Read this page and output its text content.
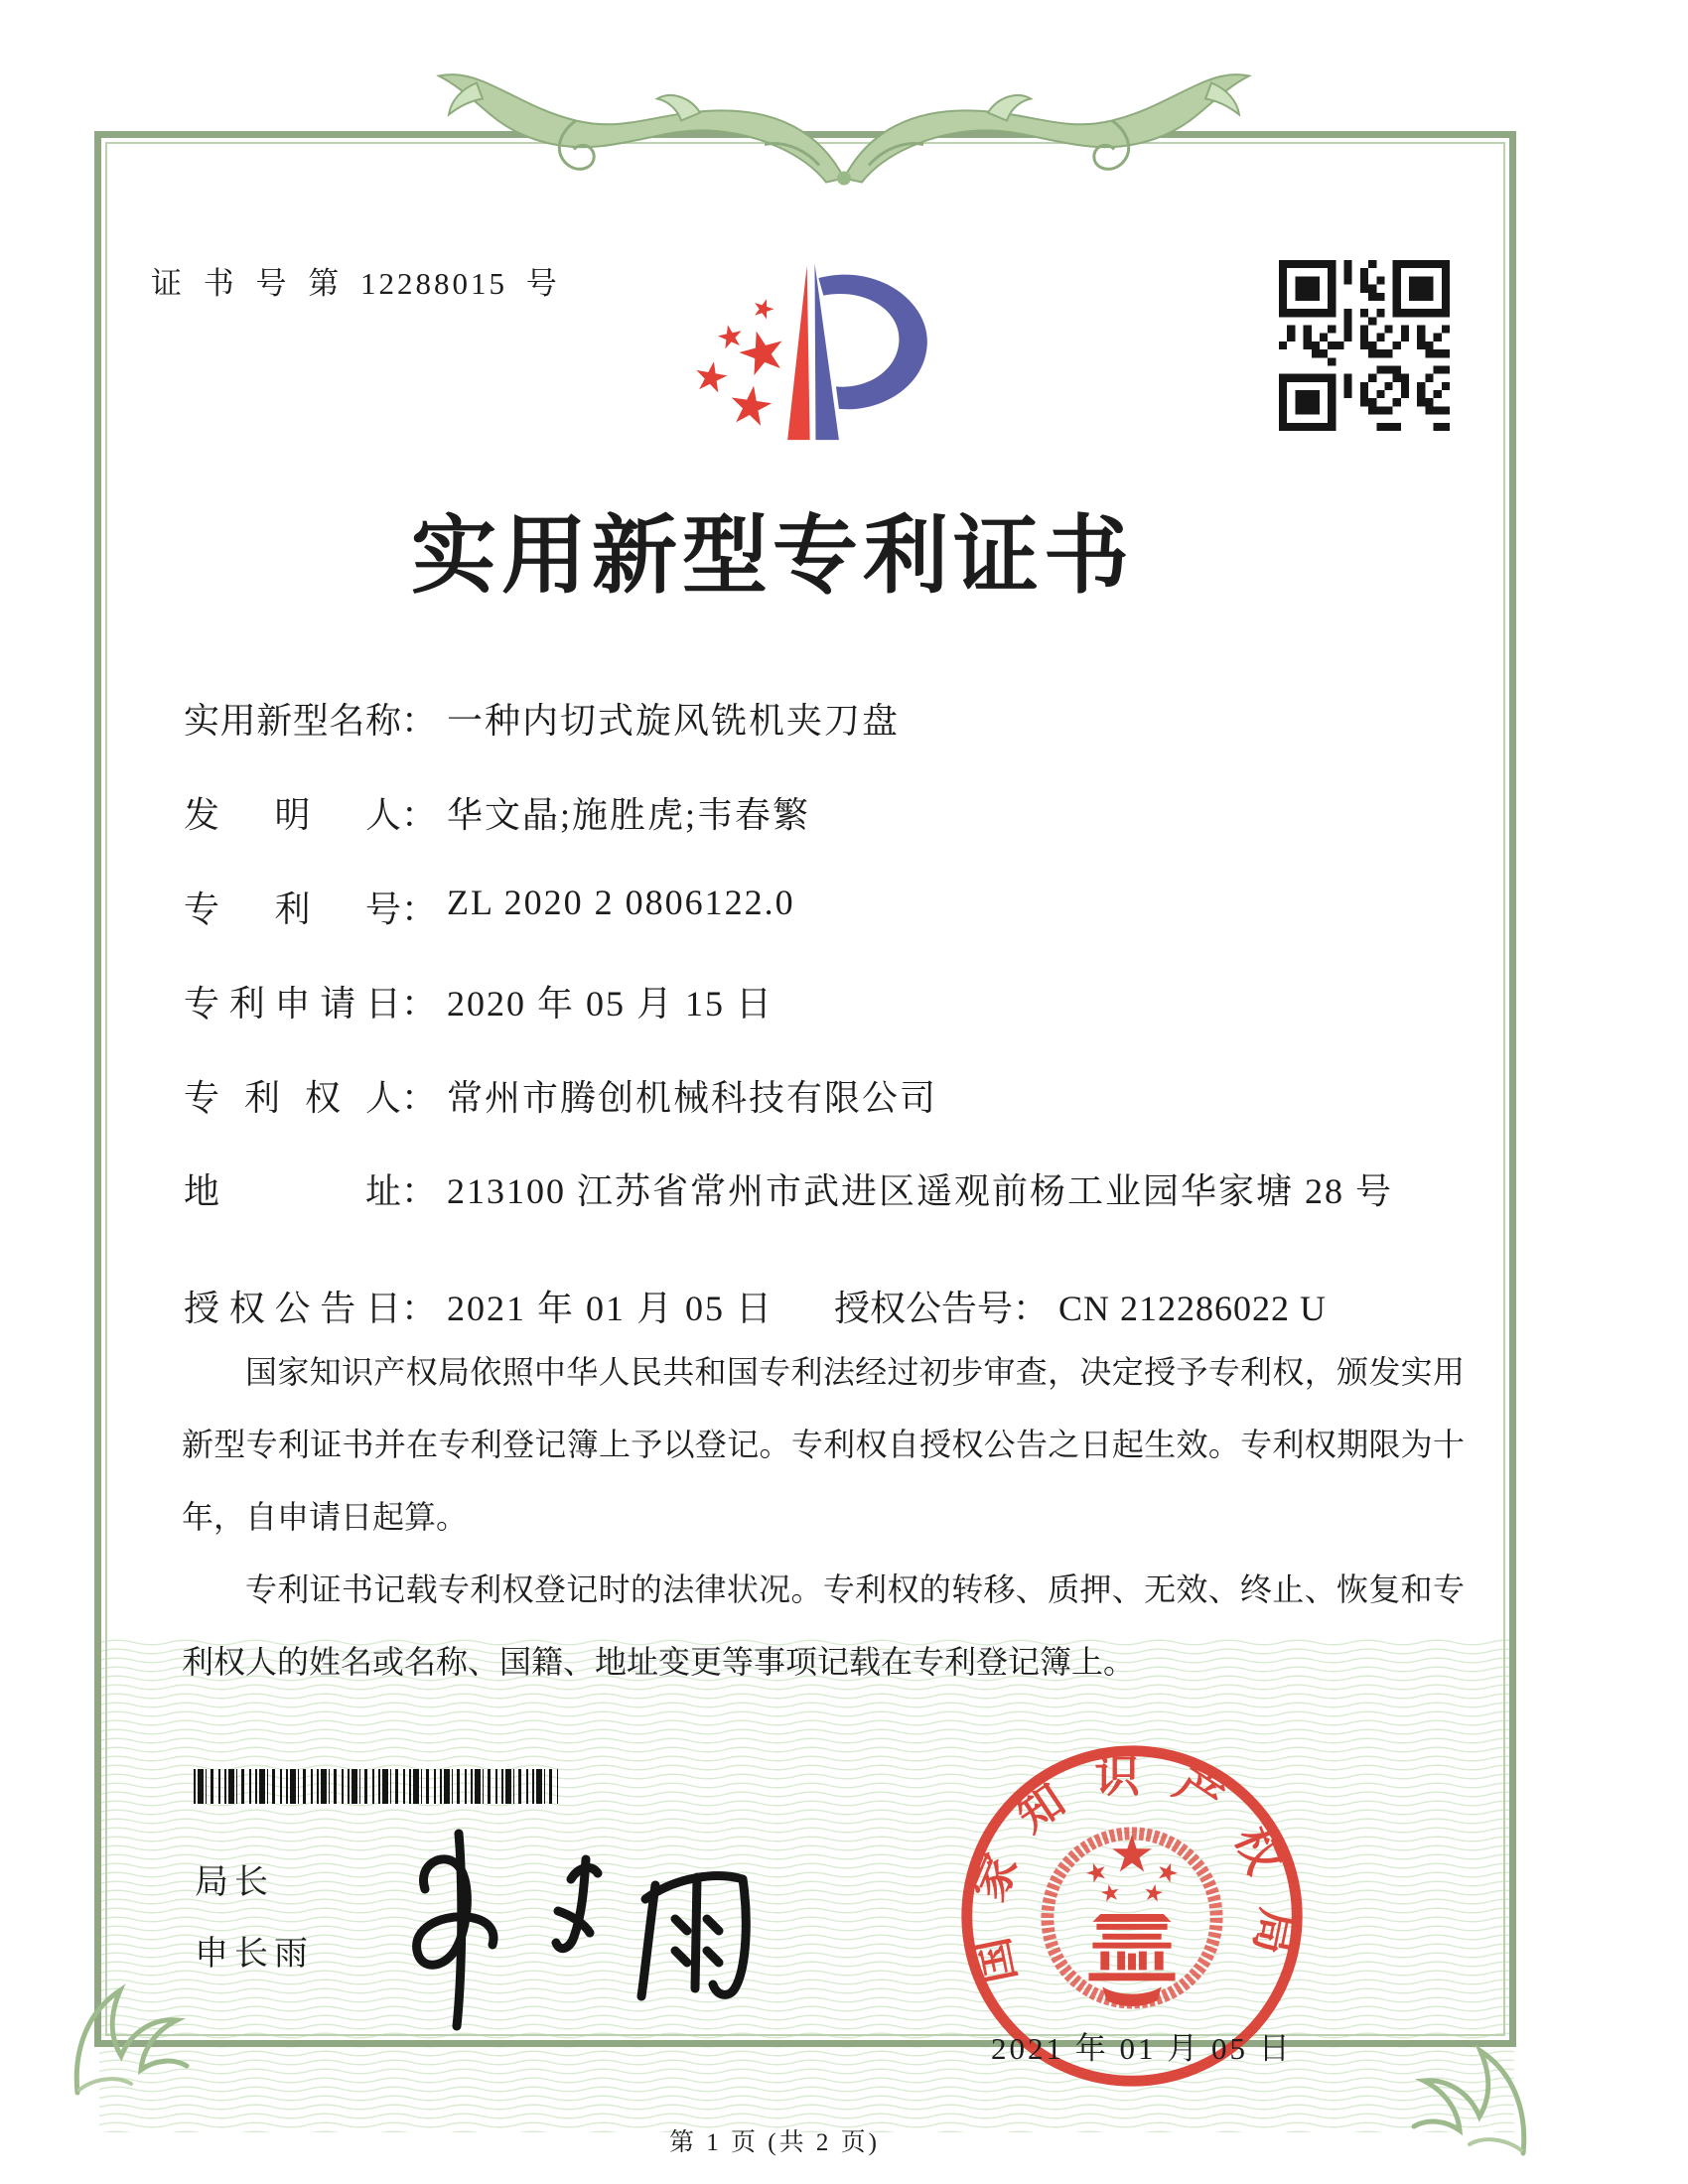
证 书 号 第 12288015 号
实用新型专利证书
实用新型名称： 一种内切式旋风铣机夹刀盘
发明人： 华文晶;施胜虎;韦春繁
专利号： ZL 2020 2 0806122.0
专利申请日： 2020 年 05 月 15 日
专利权人： 常州市腾创机械科技有限公司
地址： 213100 江苏省常州市武进区遥观前杨工业园华家塘 28 号
授权公告日： 2021 年 01 月 05 日 授权公告号： CN 212286022 U

国家知识产权局依照中华人民共和国专利法经过初步审查，决定授予专利权，颁发实用新型专利证书并在专利登记簿上予以登记。专利权自授权公告之日起生效。专利权期限为十年，自申请日起算。

专利证书记载专利权登记时的法律状况。专利权的转移、质押、无效、终止、恢复和专利权人的姓名或名称、国籍、地址变更等事项记载在专利登记簿上。

局长
申长雨	国家知识产权局
2021 年 01 月 05 日
第 1 页 (共 2 页)
